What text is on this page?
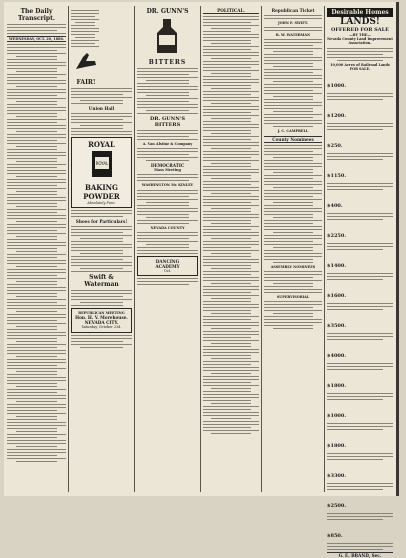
The Daily Transcript.
WEDNESDAY, OCT. 20, 1886.

FAIR!
Union Hall
ROYAL
ROYAL
BAKING
POWDER
Absolutely Pure.
Shoes for Particulars!
Swift & Waterman
REPUBLICAN MEETING
Hon. H. V. Morehouse.
NEVADA CITY.
Saturday, October 23d.
DR. GUNN'S
BITTERS
DR. GUNN'S
BITTERS
A. Van Alstine & Company
DEMOCRATIC
Mass Meeting
WASHINGTON Mc KINLEY
NEVADA COUNTY
DANCING
ACADEMY
Oct.
POLITICAL.	Republican Ticket
JOHN F. SWIFT.
R. W. WATERMAN
J. C. CAMPBELL
County Nominees
ASSEMBLY NOMINEES
SUPERVISORIAL
Desirable Homes
LANDS!
OFFERED FOR SALE
—BY THE—
Nevada County Land Improvement Association.
10,000 Acres of Railroad Lands
FOR SALE.
$1000.
$1200.
$250.
$1150.
$400.
$2250.
$1400.
$1600.
$3500.
$4000.
$1800.
$1000.
$1800.
$3300.
$2500.
$850.
G. E. BRAND, Sec.
